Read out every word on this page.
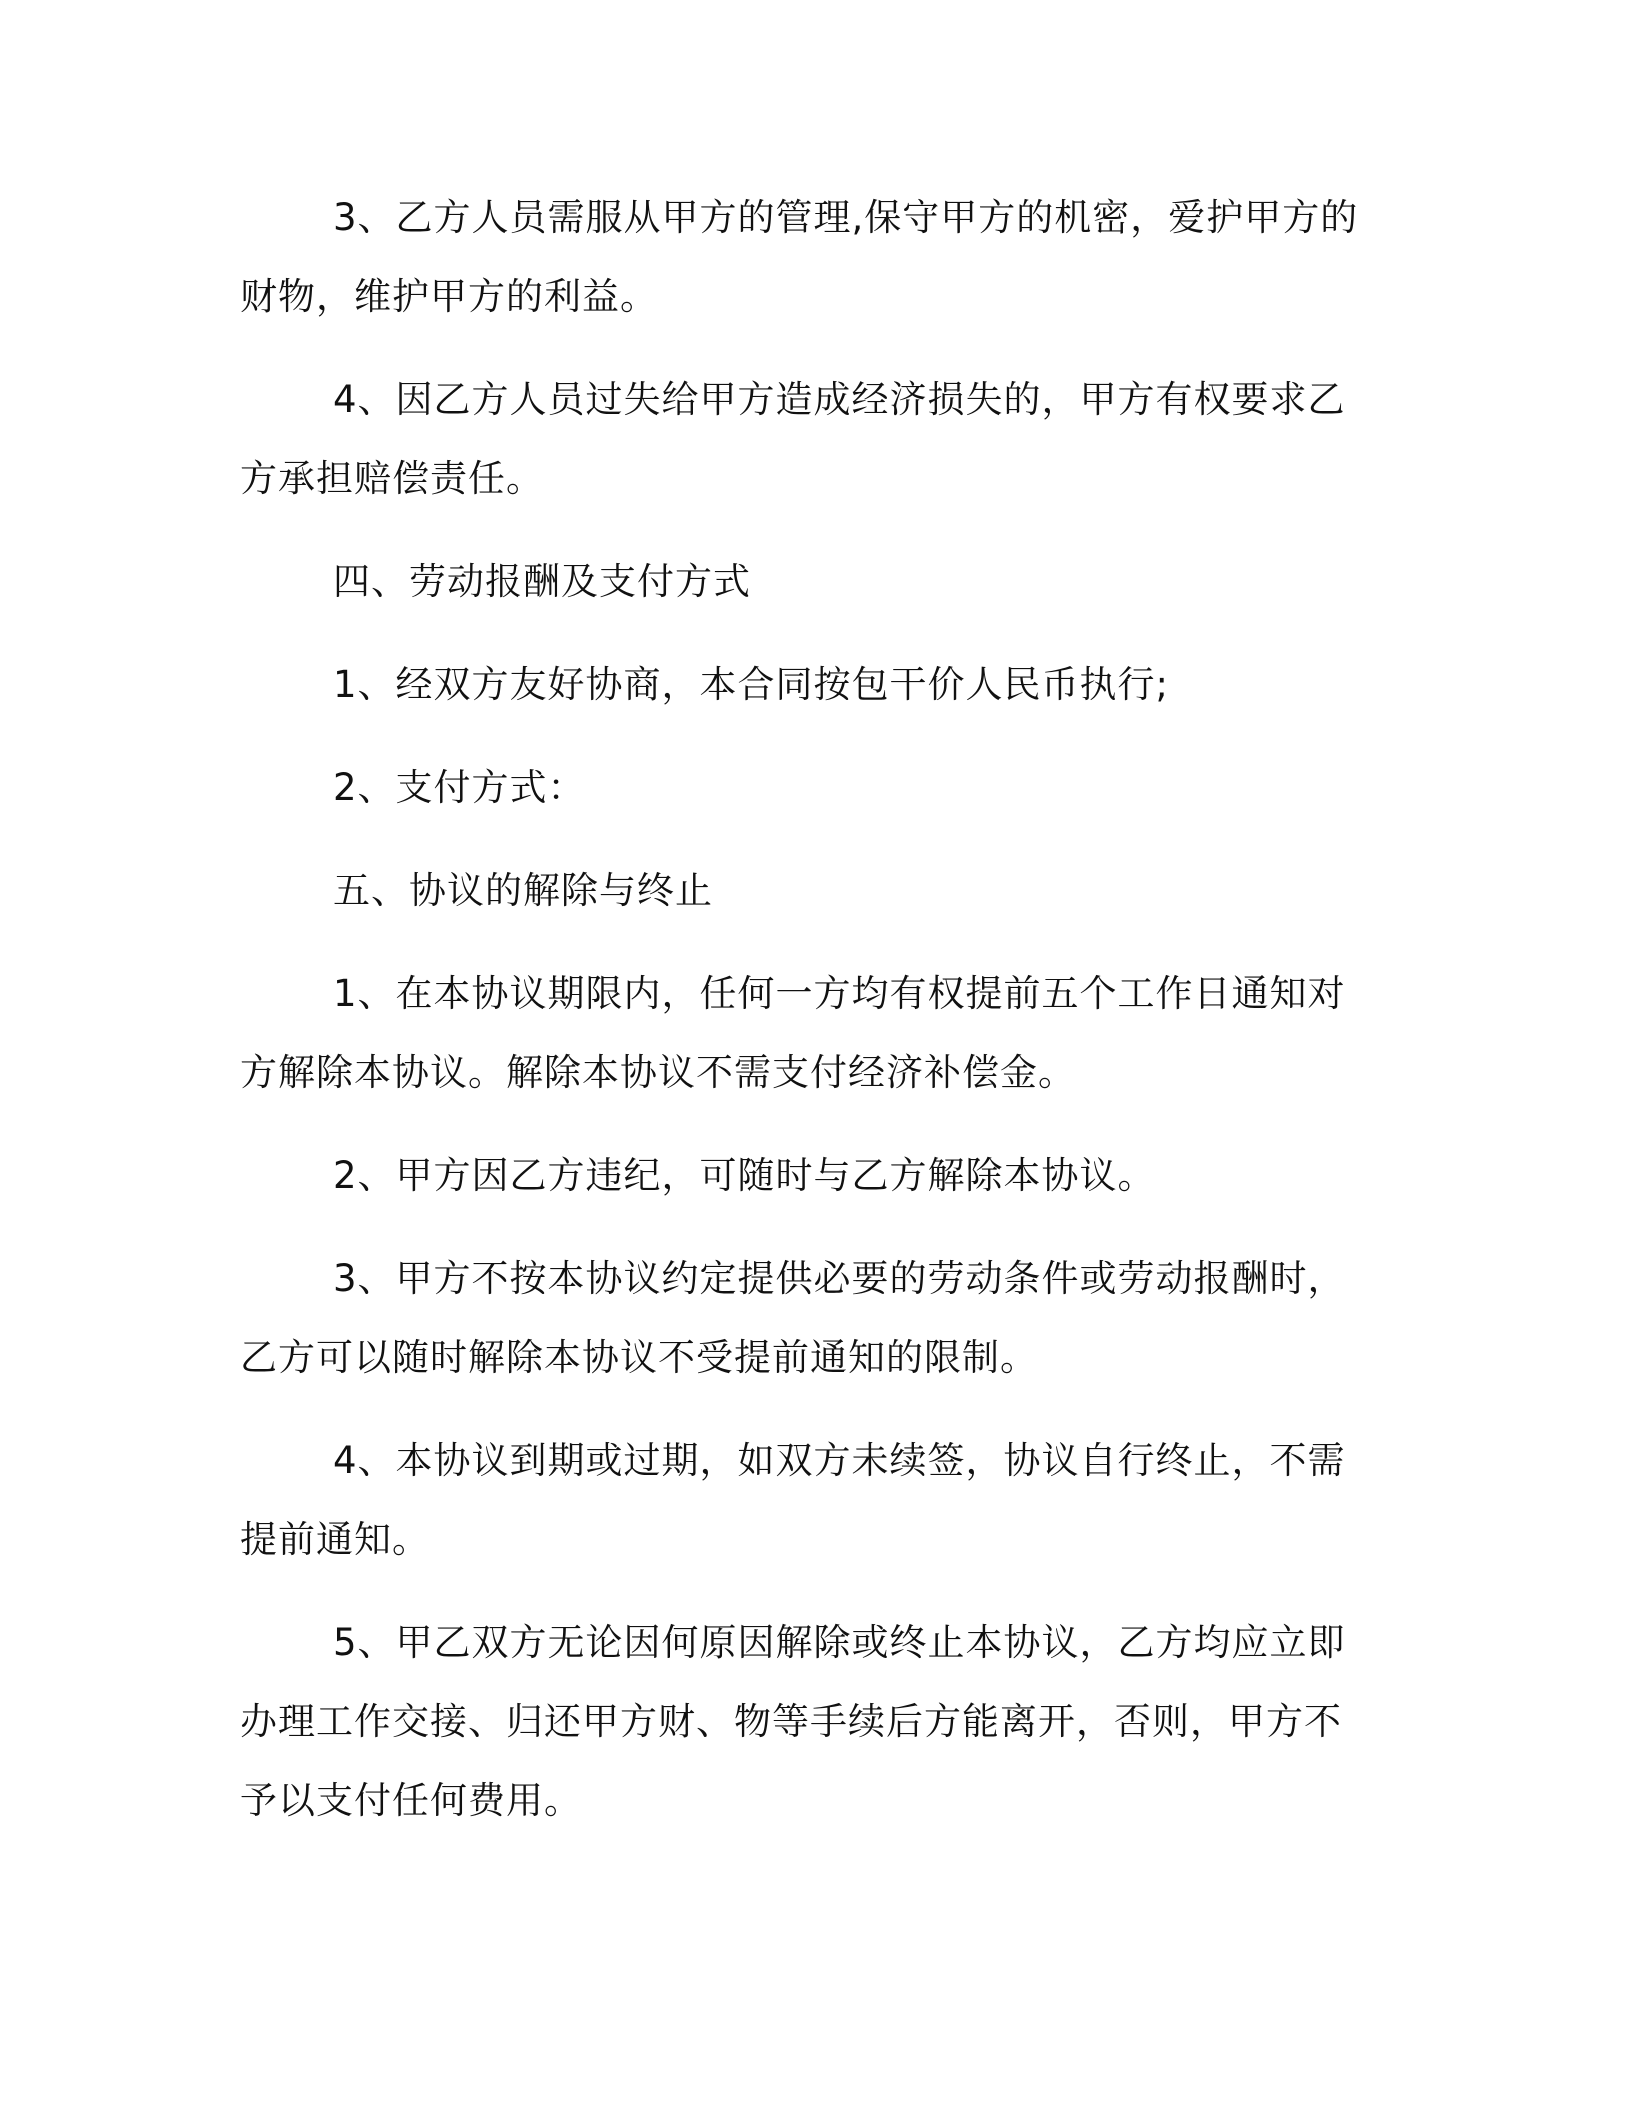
3、乙方人员需服从甲方的管理,保守甲方的机密，爱护甲方的财物，维护甲方的利益。

4、因乙方人员过失给甲方造成经济损失的，甲方有权要求乙方承担赔偿责任。

四、劳动报酬及支付方式

1、经双方友好协商，本合同按包干价人民币执行;

2、支付方式：

五、协议的解除与终止

1、在本协议期限内，任何一方均有权提前五个工作日通知对方解除本协议。解除本协议不需支付经济补偿金。

2、甲方因乙方违纪，可随时与乙方解除本协议。

3、甲方不按本协议约定提供必要的劳动条件或劳动报酬时，乙方可以随时解除本协议不受提前通知的限制。

4、本协议到期或过期，如双方未续签，协议自行终止，不需提前通知。

5、甲乙双方无论因何原因解除或终止本协议，乙方均应立即办理工作交接、归还甲方财、物等手续后方能离开，否则，甲方不予以支付任何费用。
